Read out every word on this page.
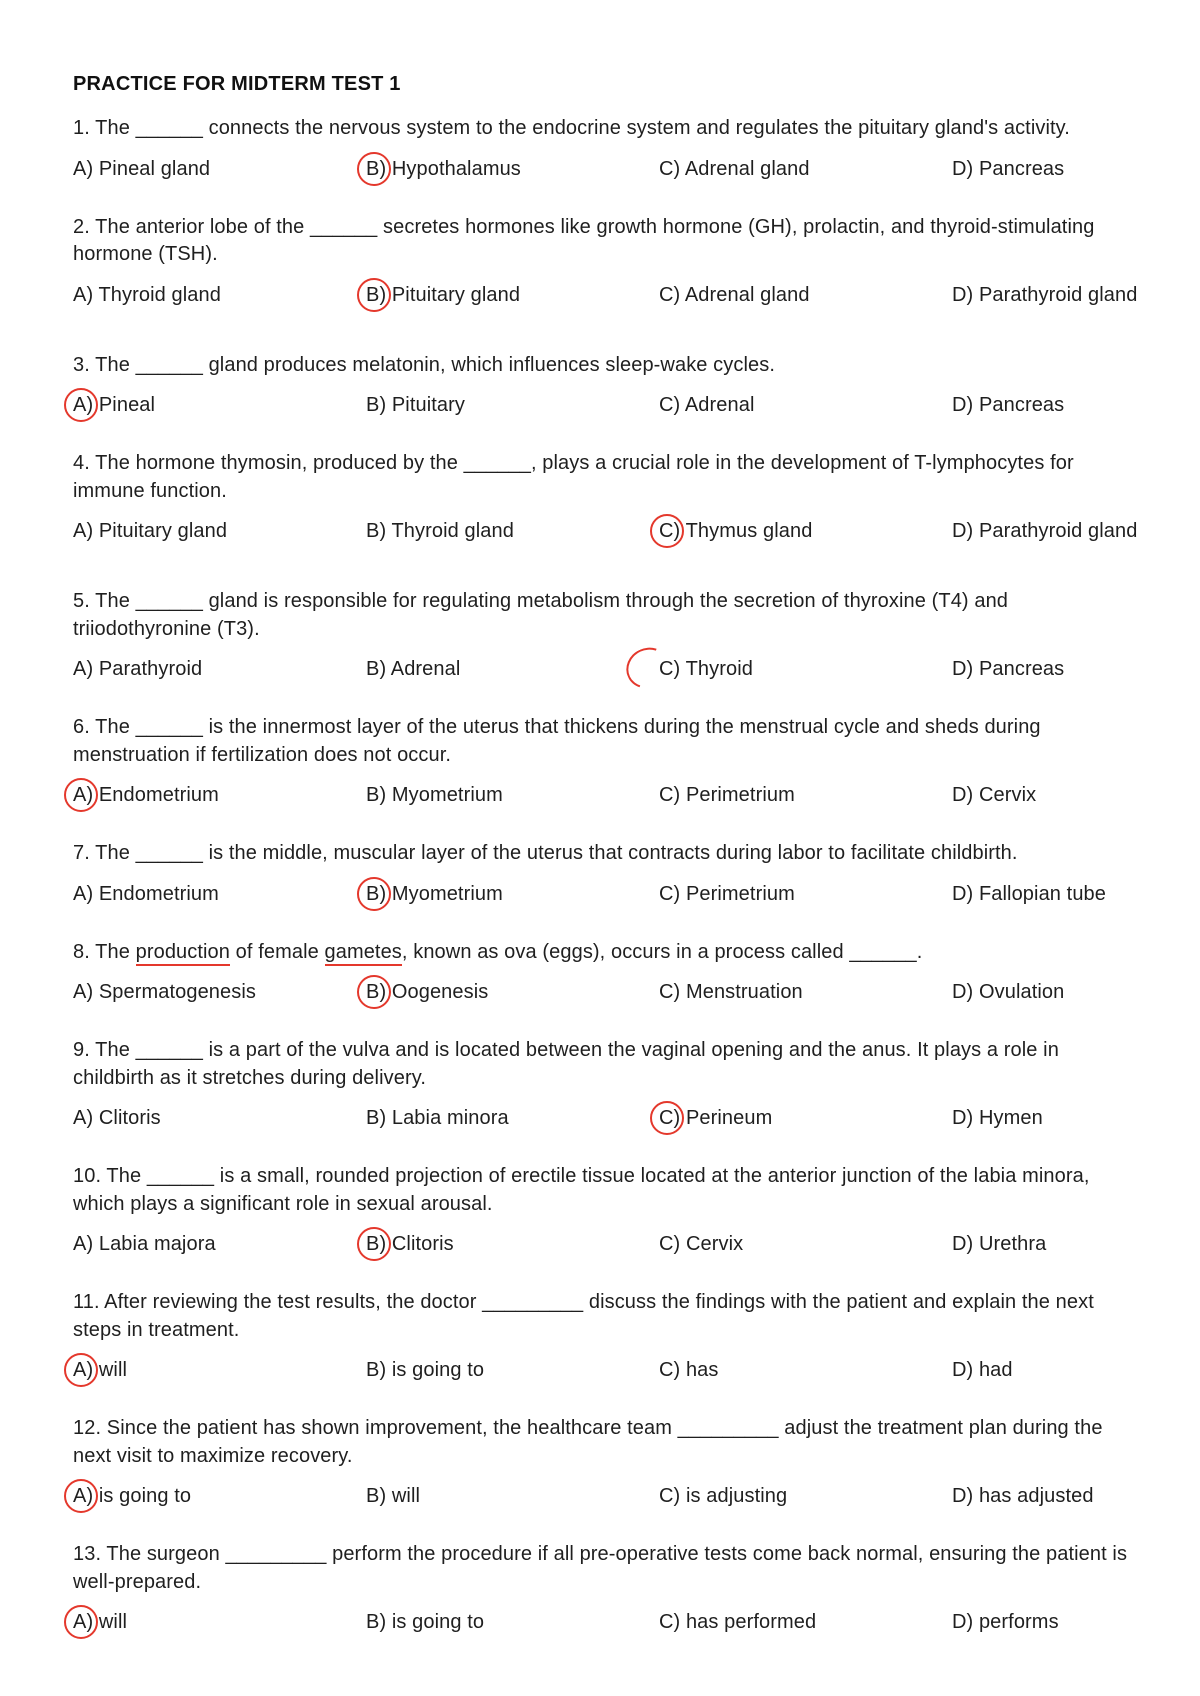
PRACTICE FOR MIDTERM TEST 1
1. The ______ connects the nervous system to the endocrine system and regulates the pituitary gland's activity.
A) Pineal gland	B) Hypothalamus	C) Adrenal gland	D) Pancreas
2. The anterior lobe of the ______ secretes hormones like growth hormone (GH), prolactin, and thyroid-stimulating hormone (TSH).
A) Thyroid gland	B) Pituitary gland	C) Adrenal gland	D) Parathyroid gland
3. The ______ gland produces melatonin, which influences sleep-wake cycles.
A) Pineal	B) Pituitary	C) Adrenal	D) Pancreas
4. The hormone thymosin, produced by the ______, plays a crucial role in the development of T-lymphocytes for immune function.
A) Pituitary gland	B) Thyroid gland	C) Thymus gland	D) Parathyroid gland
5. The ______ gland is responsible for regulating metabolism through the secretion of thyroxine (T4) and triiodothyronine (T3).
A) Parathyroid	B) Adrenal	C) Thyroid	D) Pancreas
6. The ______ is the innermost layer of the uterus that thickens during the menstrual cycle and sheds during menstruation if fertilization does not occur.
A) Endometrium	B) Myometrium	C) Perimetrium	D) Cervix
7. The ______ is the middle, muscular layer of the uterus that contracts during labor to facilitate childbirth.
A) Endometrium	B) Myometrium	C) Perimetrium	D) Fallopian tube
8. The production of female gametes, known as ova (eggs), occurs in a process called ______.
A) Spermatogenesis	B) Oogenesis	C) Menstruation	D) Ovulation
9. The ______ is a part of the vulva and is located between the vaginal opening and the anus. It plays a role in childbirth as it stretches during delivery.
A) Clitoris	B) Labia minora	C) Perineum	D) Hymen
10. The ______ is a small, rounded projection of erectile tissue located at the anterior junction of the labia minora, which plays a significant role in sexual arousal.
A) Labia majora	B) Clitoris	C) Cervix	D) Urethra
11. After reviewing the test results, the doctor _________ discuss the findings with the patient and explain the next steps in treatment.
A) will	B) is going to	C) has	D) had
12. Since the patient has shown improvement, the healthcare team _________ adjust the treatment plan during the next visit to maximize recovery.
A) is going to	B) will	C) is adjusting	D) has adjusted
13. The surgeon _________ perform the procedure if all pre-operative tests come back normal, ensuring the patient is well-prepared.
A) will	B) is going to	C) has performed	D) performs
